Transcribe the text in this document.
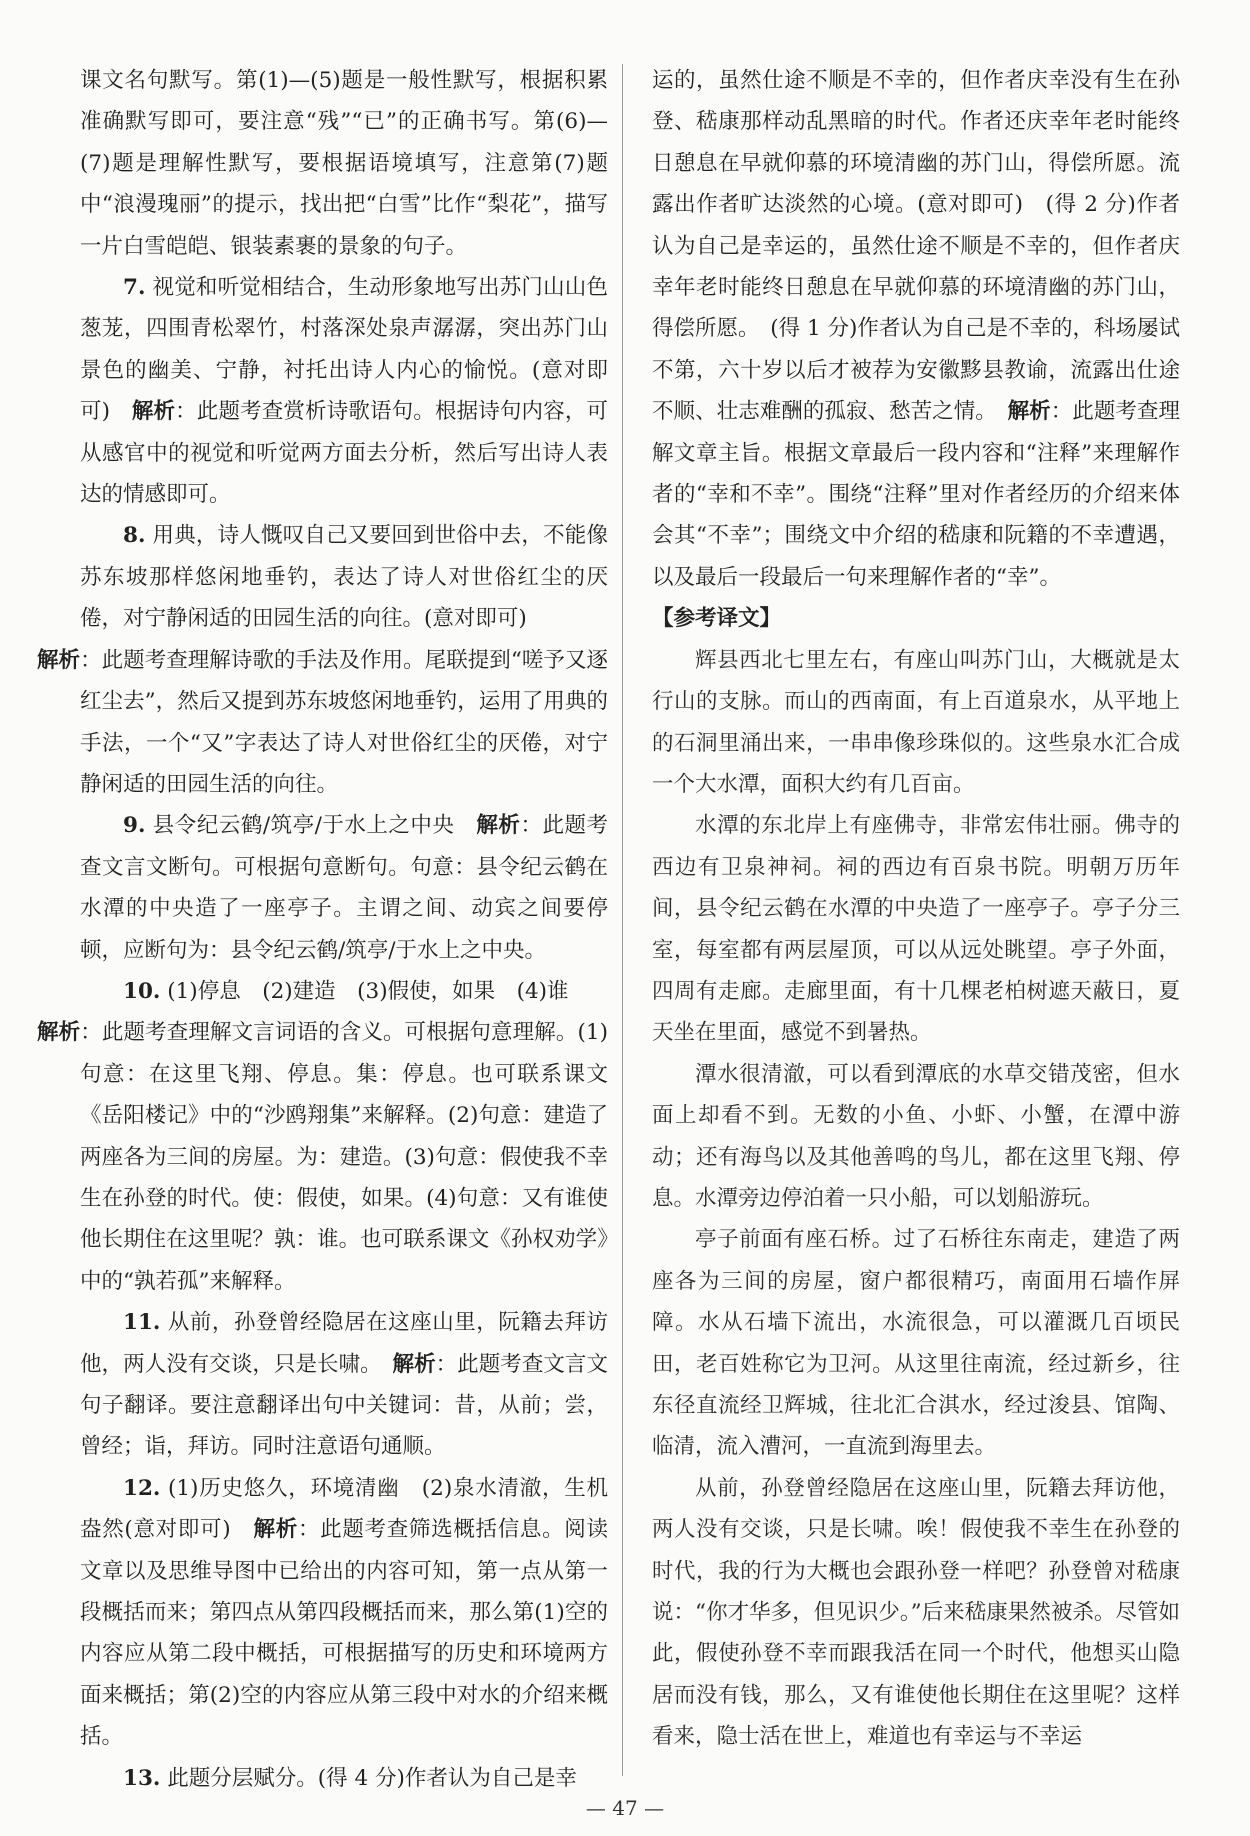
课文名句默写。第(1)—(5)题是一般性默写，根据积累准确默写即可，要注意“残”“已”的正确书写。第(6)—(7)题是理解性默写，要根据语境填写，注意第(7)题中“浪漫瑰丽”的提示，找出把“白雪”比作“梨花”，描写一片白雪皑皑、银装素裹的景象的句子。

7. 视觉和听觉相结合，生动形象地写出苏门山山色葱茏，四围青松翠竹，村落深处泉声潺潺，突出苏门山景色的幽美、宁静，衬托出诗人内心的愉悦。(意对即可)　解析：此题考查赏析诗歌语句。根据诗句内容，可从感官中的视觉和听觉两方面去分析，然后写出诗人表达的情感即可。

8. 用典，诗人慨叹自己又要回到世俗中去，不能像苏东坡那样悠闲地垂钓，表达了诗人对世俗红尘的厌倦，对宁静闲适的田园生活的向往。(意对即可)
解析：此题考查理解诗歌的手法及作用。尾联提到“嗟予又逐红尘去”，然后又提到苏东坡悠闲地垂钓，运用了用典的手法，一个“又”字表达了诗人对世俗红尘的厌倦，对宁静闲适的田园生活的向往。

9. 县令纪云鹤/筑亭/于水上之中央　解析：此题考查文言文断句。可根据句意断句。句意：县令纪云鹤在水潭的中央造了一座亭子。主谓之间、动宾之间要停顿，应断句为：县令纪云鹤/筑亭/于水上之中央。

10. (1)停息　(2)建造　(3)假使，如果　(4)谁
解析：此题考查理解文言词语的含义。可根据句意理解。(1)句意：在这里飞翔、停息。集：停息。也可联系课文《岳阳楼记》中的“沙鸥翔集”来解释。(2)句意：建造了两座各为三间的房屋。为：建造。(3)句意：假使我不幸生在孙登的时代。使：假使，如果。(4)句意：又有谁使他长期住在这里呢？孰：谁。也可联系课文《孙权劝学》中的“孰若孤”来解释。

11. 从前，孙登曾经隐居在这座山里，阮籍去拜访他，两人没有交谈，只是长啸。　解析：此题考查文言文句子翻译。要注意翻译出句中关键词：昔，从前；尝，曾经；诣，拜访。同时注意语句通顺。

12. (1)历史悠久，环境清幽　(2)泉水清澈，生机盎然(意对即可)　解析：此题考查筛选概括信息。阅读文章以及思维导图中已给出的内容可知，第一点从第一段概括而来；第四点从第四段概括而来，那么第(1)空的内容应从第二段中概括，可根据描写的历史和环境两方面来概括；第(2)空的内容应从第三段中对水的介绍来概括。

13. 此题分层赋分。(得 4 分)作者认为自己是幸

运的，虽然仕途不顺是不幸的，但作者庆幸没有生在孙登、嵇康那样动乱黑暗的时代。作者还庆幸年老时能终日憩息在早就仰慕的环境清幽的苏门山，得偿所愿。流露出作者旷达淡然的心境。(意对即可)　(得 2 分)作者认为自己是幸运的，虽然仕途不顺是不幸的，但作者庆幸年老时能终日憩息在早就仰慕的环境清幽的苏门山，得偿所愿。　(得 1 分)作者认为自己是不幸的，科场屡试不第，六十岁以后才被荐为安徽黟县教谕，流露出仕途不顺、壮志难酬的孤寂、愁苦之情。　解析：此题考查理解文章主旨。根据文章最后一段内容和“注释”来理解作者的“幸和不幸”。围绕“注释”里对作者经历的介绍来体会其“不幸”；围绕文中介绍的嵇康和阮籍的不幸遭遇，以及最后一段最后一句来理解作者的“幸”。

【参考译文】

辉县西北七里左右，有座山叫苏门山，大概就是太行山的支脉。而山的西南面，有上百道泉水，从平地上的石洞里涌出来，一串串像珍珠似的。这些泉水汇合成一个大水潭，面积大约有几百亩。

水潭的东北岸上有座佛寺，非常宏伟壮丽。佛寺的西边有卫泉神祠。祠的西边有百泉书院。明朝万历年间，县令纪云鹤在水潭的中央造了一座亭子。亭子分三室，每室都有两层屋顶，可以从远处眺望。亭子外面，四周有走廊。走廊里面，有十几棵老柏树遮天蔽日，夏天坐在里面，感觉不到暑热。

潭水很清澈，可以看到潭底的水草交错茂密，但水面上却看不到。无数的小鱼、小虾、小蟹，在潭中游动；还有海鸟以及其他善鸣的鸟儿，都在这里飞翔、停息。水潭旁边停泊着一只小船，可以划船游玩。

亭子前面有座石桥。过了石桥往东南走，建造了两座各为三间的房屋，窗户都很精巧，南面用石墙作屏障。水从石墙下流出，水流很急，可以灌溉几百顷民田，老百姓称它为卫河。从这里往南流，经过新乡，往东径直流经卫辉城，往北汇合淇水，经过浚县、馆陶、临清，流入漕河，一直流到海里去。

从前，孙登曾经隐居在这座山里，阮籍去拜访他，两人没有交谈，只是长啸。唉！假使我不幸生在孙登的时代，我的行为大概也会跟孙登一样吧？孙登曾对嵇康说：“你才华多，但见识少。”后来嵇康果然被杀。尽管如此，假使孙登不幸而跟我活在同一个时代，他想买山隐居而没有钱，那么，又有谁使他长期住在这里呢？这样看来，隐士活在世上，难道也有幸运与不幸运

— 47 —
